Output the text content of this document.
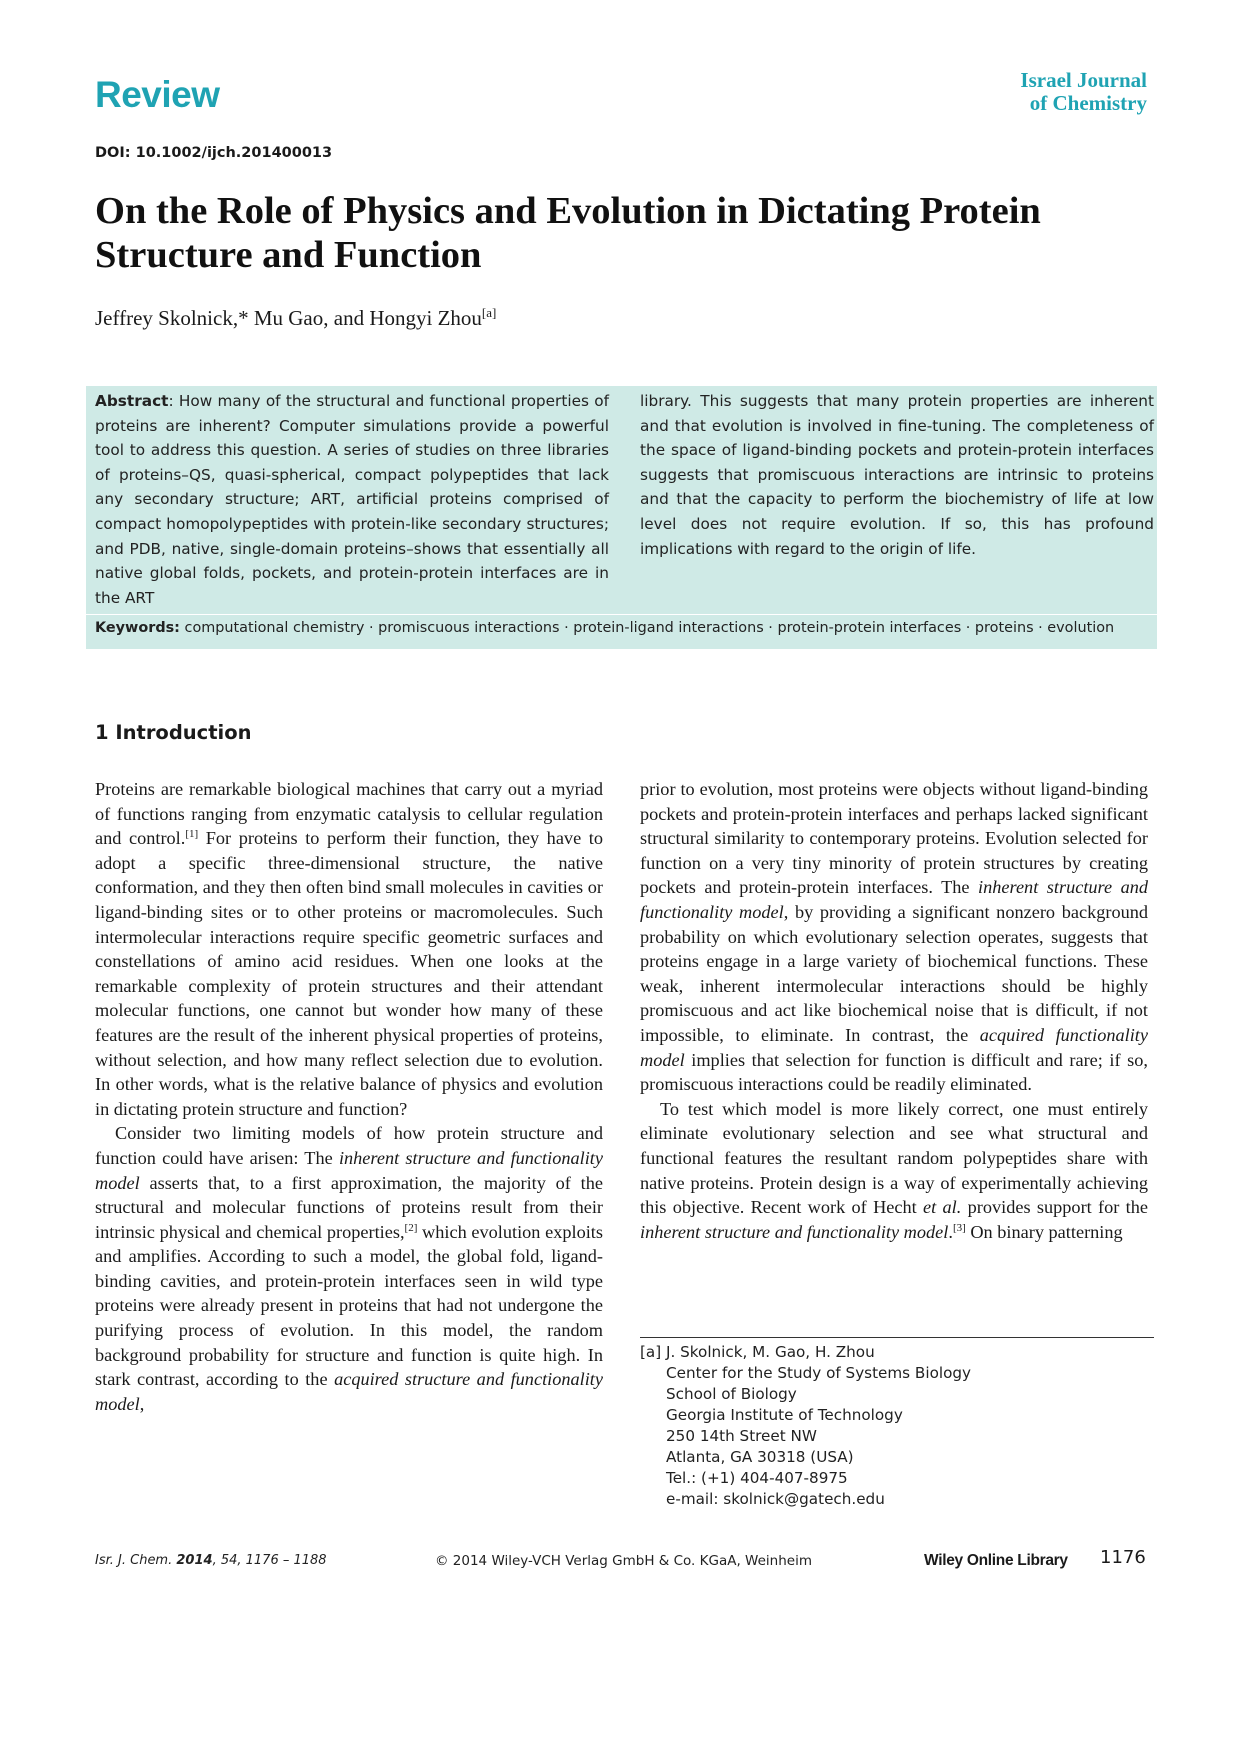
Review	Israel Journal
of Chemistry
DOI: 10.1002/ijch.201400013
On the Role of Physics and Evolution in Dictating Protein Structure and Function
Jeffrey Skolnick,* Mu Gao, and Hongyi Zhou[a]
Abstract: How many of the structural and functional properties of proteins are inherent? Computer simulations provide a powerful tool to address this question. A series of studies on three libraries of proteins–QS, quasi-spherical, compact polypeptides that lack any secondary structure; ART, artificial proteins comprised of compact homopolypeptides with protein-like secondary structures; and PDB, native, single-domain proteins–shows that essentially all native global folds, pockets, and protein-protein interfaces are in the ART
library. This suggests that many protein properties are inherent and that evolution is involved in fine-tuning. The completeness of the space of ligand-binding pockets and protein-protein interfaces suggests that promiscuous interactions are intrinsic to proteins and that the capacity to perform the biochemistry of life at low level does not require evolution. If so, this has profound implications with regard to the origin of life.
Keywords: computational chemistry · promiscuous interactions · protein-ligand interactions · protein-protein interfaces · proteins · evolution
1 Introduction

Proteins are remarkable biological machines that carry out a myriad of functions ranging from enzymatic catalysis to cellular regulation and control.[1] For proteins to perform their function, they have to adopt a specific three-dimensional structure, the native conformation, and they then often bind small molecules in cavities or ligand-binding sites or to other proteins or macromolecules. Such intermolecular interactions require specific geometric surfaces and constellations of amino acid residues. When one looks at the remarkable complexity of protein structures and their attendant molecular functions, one cannot but wonder how many of these features are the result of the inherent physical properties of proteins, without selection, and how many reflect selection due to evolution. In other words, what is the relative balance of physics and evolution in dictating protein structure and function?

Consider two limiting models of how protein structure and function could have arisen: The inherent structure and functionality model asserts that, to a first approximation, the majority of the structural and molecular functions of proteins result from their intrinsic physical and chemical properties,[2] which evolution exploits and amplifies. According to such a model, the global fold, ligand-binding cavities, and protein-protein interfaces seen in wild type proteins were already present in proteins that had not undergone the purifying process of evolution. In this model, the random background probability for structure and function is quite high. In stark contrast, according to the acquired structure and functionality model,

prior to evolution, most proteins were objects without ligand-binding pockets and protein-protein interfaces and perhaps lacked significant structural similarity to contemporary proteins. Evolution selected for function on a very tiny minority of protein structures by creating pockets and protein-protein interfaces. The inherent structure and functionality model, by providing a significant nonzero background probability on which evolutionary selection operates, suggests that proteins engage in a large variety of biochemical functions. These weak, inherent intermolecular interactions should be highly promiscuous and act like biochemical noise that is difficult, if not impossible, to eliminate. In contrast, the acquired functionality model implies that selection for function is difficult and rare; if so, promiscuous interactions could be readily eliminated.

To test which model is more likely correct, one must entirely eliminate evolutionary selection and see what structural and functional features the resultant random polypeptides share with native proteins. Protein design is a way of experimentally achieving this objective. Recent work of Hecht et al. provides support for the inherent structure and functionality model.[3] On binary patterning

[a] J. Skolnick, M. Gao, H. Zhou
Center for the Study of Systems Biology
School of Biology
Georgia Institute of Technology
250 14th Street NW
Atlanta, GA 30318 (USA)
Tel.: (+1) 404-407-8975
e-mail: skolnick@gatech.edu
Isr. J. Chem. 2014, 54, 1176 – 1188	© 2014 Wiley-VCH Verlag GmbH & Co. KGaA, Weinheim	Wiley Online Library 1176
